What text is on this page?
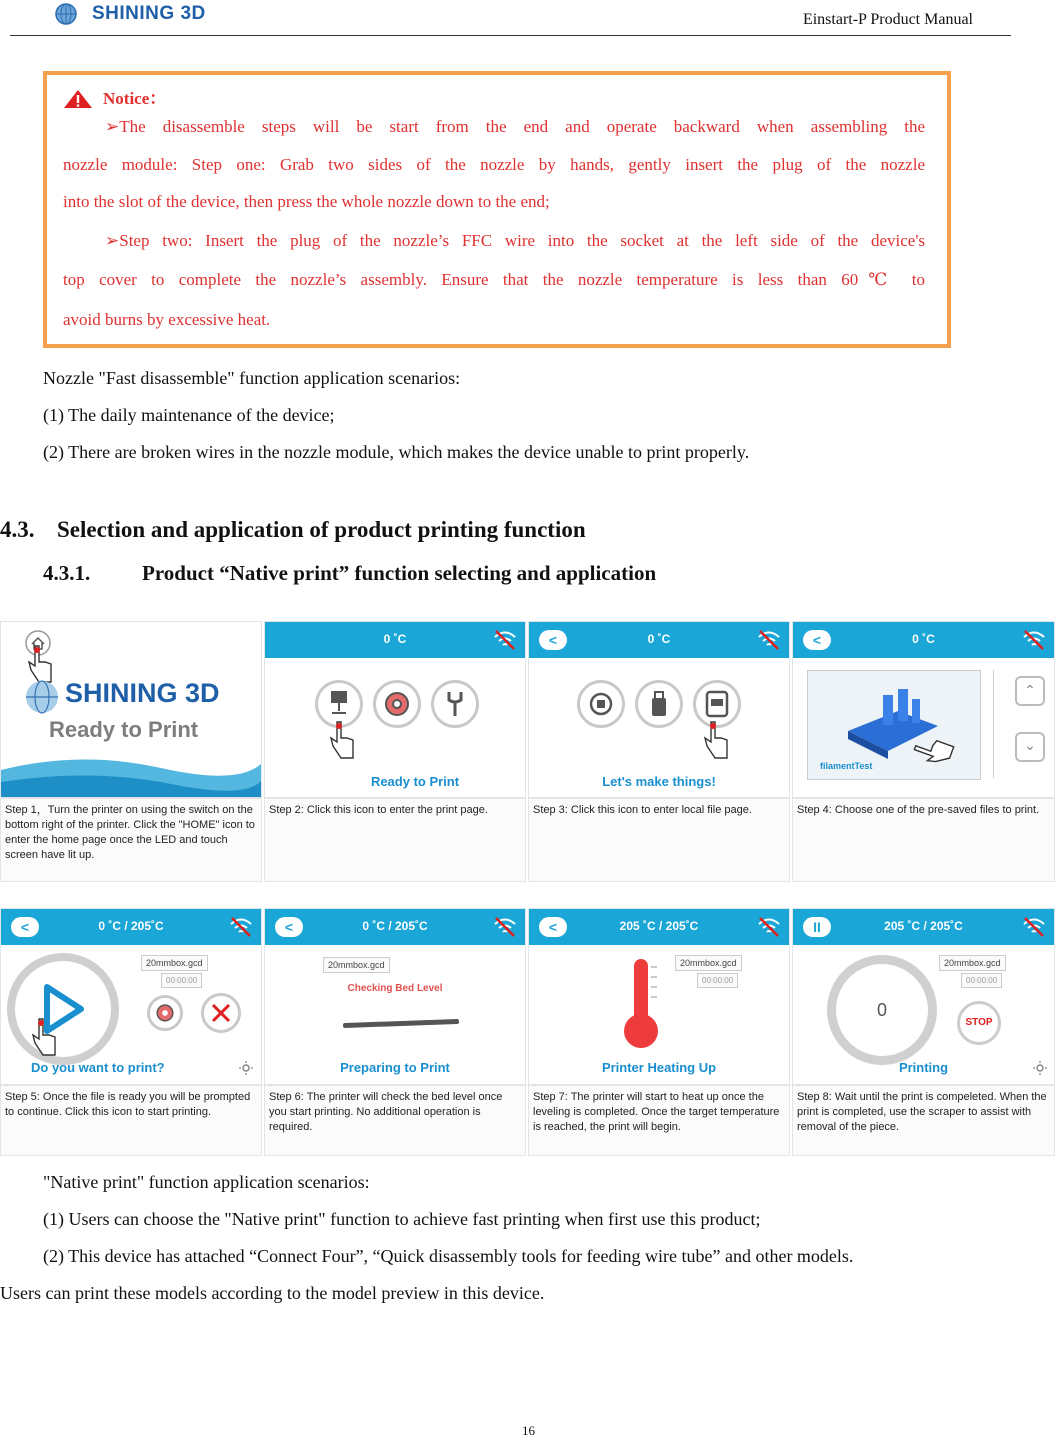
SHINING 3D	Einstart-P Product Manual
Notice：
➢The disassemble steps will be start from the end and operate backward when assembling the
nozzle module: Step one: Grab two sides of the nozzle by hands, gently insert the plug of the nozzle
into the slot of the device, then press the whole nozzle down to the end;
➢Step two: Insert the plug of the nozzle’s FFC wire into the socket at the left side of the device's
top cover to complete the nozzle’s assembly. Ensure that the nozzle temperature is less than 60℃ to
avoid burns by excessive heat.
Nozzle "Fast disassemble" function application scenarios:
(1) The daily maintenance of the device;
(2) There are broken wires in the nozzle module, which makes the device unable to print properly.
4.3. Selection and application of product printing function
4.3.1. Product “Native print” function selecting and application
SHINING 3D
Ready to Print
Step 1，Turn the printer on using the switch on the bottom right of the printer. Click the "HOME" icon to enter the home page once the LED and touch screen have lit up.
0 ˚C
Ready to Print
Step 2: Click this icon to enter the print page.
<	0 ˚C
Let's make things!
Step 3: Click this icon to enter local file page.
<	0 ˚C
filamentTest
⌃
⌄
Step 4: Choose one of the pre-saved files to print.
<	0 ˚C / 205˚C
20mmbox.gcd
00:00:00
Do you want to print?
Step 5: Once the file is ready you will be prompted to continue. Click this icon to start printing.
<	0 ˚C / 205˚C
20mmbox.gcd
Checking Bed Level
Preparing to Print
Step 6: The printer will check the bed level once you start printing. No additional operation is required.
<	205 ˚C / 205˚C
20mmbox.gcd
00:00:00
Printer Heating Up
Step 7: The printer will start to heat up once the leveling is completed. Once the target temperature is reached, the print will begin.
II	205 ˚C / 205˚C
0
20mmbox.gcd
00:00:00
STOP
Printing
Step 8: Wait until the print is compeleted. When the print is completed, use the scraper to assist with removal of the piece.
"Native print" function application scenarios:
(1) Users can choose the "Native print" function to achieve fast printing when first use this product;
(2) This device has attached “Connect Four”, “Quick disassembly tools for feeding wire tube” and other models.
Users can print these models according to the model preview in this device.
16
